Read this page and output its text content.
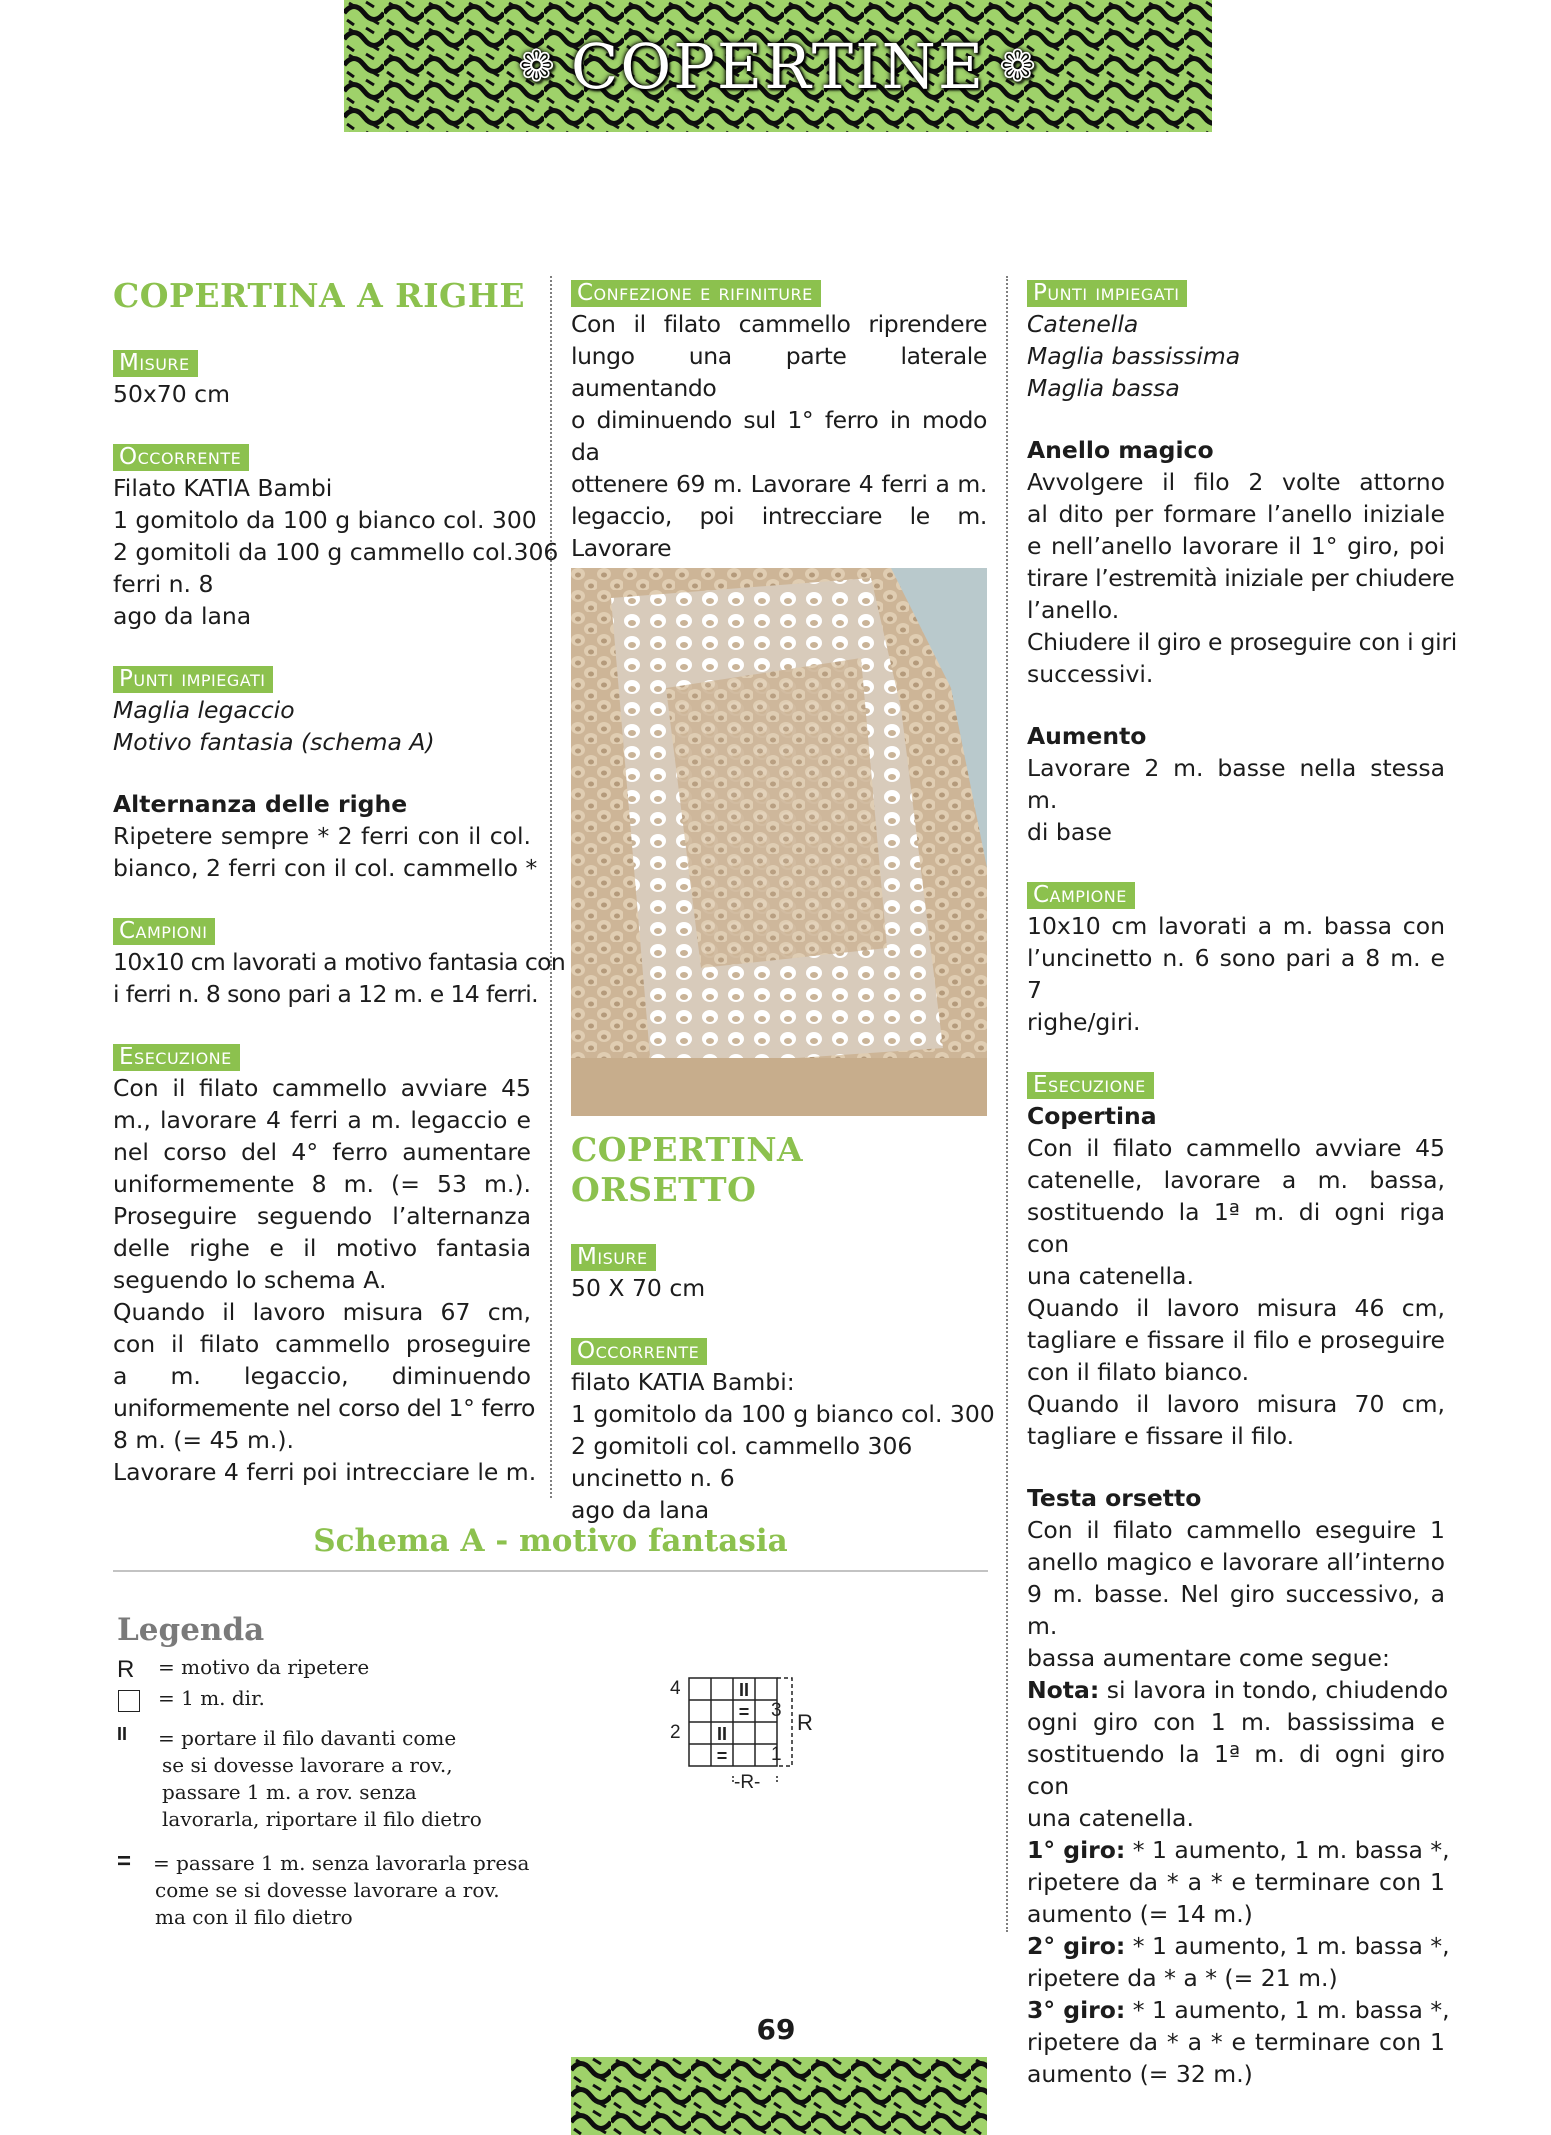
❁ COPERTINE ❁
COPERTINA A RIGHE
Misure
50x70 cm
Occorrente
Filato KATIA Bambi
1 gomitolo da 100 g bianco col. 300
2 gomitoli da 100 g cammello col.306
ferri n. 8
ago da lana
Punti impiegati
Maglia legaccio
Motivo fantasia (schema A)
Alternanza delle righe
Ripetere sempre * 2 ferri con il col.
bianco, 2 ferri con il col. cammello *
Campioni
10x10 cm lavorati a motivo fantasia con
i ferri n. 8 sono pari a 12 m. e 14 ferri.
Esecuzione
Con il filato cammello avviare 45
m., lavorare 4 ferri a m. legaccio e
nel corso del 4° ferro aumentare
uniformemente 8 m. (= 53 m.).
Proseguire seguendo l’alternanza
delle righe e il motivo fantasia
seguendo lo schema A.
Quando il lavoro misura 67 cm,
con il filato cammello proseguire
a m. legaccio, diminuendo
uniformemente nel corso del 1° ferro
8 m. (= 45 m.).
Lavorare 4 ferri poi intrecciare le m.
Confezione e rifiniture
Con il filato cammello riprendere
lungo una parte laterale aumentando
o diminuendo sul 1° ferro in modo da
ottenere 69 m. Lavorare 4 ferri a m.
legaccio, poi intrecciare le m. Lavorare
COPERTINA ORSETTO
Misure
50 X 70 cm
Occorrente
filato KATIA Bambi:
1 gomitolo da 100 g bianco col. 300
2 gomitoli col. cammello 306
uncinetto n. 6
ago da lana
Punti impiegati
Catenella
Maglia bassissima
Maglia bassa
Anello magico
Avvolgere il filo 2 volte attorno
al dito per formare l’anello iniziale
e nell’anello lavorare il 1° giro, poi
tirare l’estremità iniziale per chiudere
l’anello.
Chiudere il giro e proseguire con i giri
successivi.
Aumento
Lavorare 2 m. basse nella stessa m.
di base
Campione
10x10 cm lavorati a m. bassa con
l’uncinetto n. 6 sono pari a 8 m. e 7
righe/giri.
Esecuzione
Copertina
Con il filato cammello avviare 45
catenelle, lavorare a m. bassa,
sostituendo la 1ª m. di ogni riga con
una catenella.
Quando il lavoro misura 46 cm,
tagliare e fissare il filo e proseguire
con il filato bianco.
Quando il lavoro misura 70 cm,
tagliare e fissare il filo.
Testa orsetto
Con il filato cammello eseguire 1
anello magico e lavorare all’interno
9 m. basse. Nel giro successivo, a m.
bassa aumentare come segue:
Nota: si lavora in tondo, chiudendo
ogni giro con 1 m. bassissima e
sostituendo la 1ª m. di ogni giro con
una catenella.
1° giro: * 1 aumento, 1 m. bassa *,
ripetere da * a * e terminare con 1
aumento (= 14 m.)
2° giro: * 1 aumento, 1 m. bassa *,
ripetere da * a * (= 21 m.)
3° giro: * 1 aumento, 1 m. bassa *,
ripetere da * a * e terminare con 1
aumento (= 32 m.)
Schema A - motivo fantasia
Legenda
R = motivo da ripetere
= 1 m. dir.
II = portare il filo davanti come
se si dovesse lavorare a rov.,
passare 1 m. a rov. senza
lavorarla, riportare il filo dietro
= = passare 1 m. senza lavorarla presa
come se si dovesse lavorare a rov.
ma con il filo dietro
4
2
3
1
R
-R-
II
=
II
=
69
